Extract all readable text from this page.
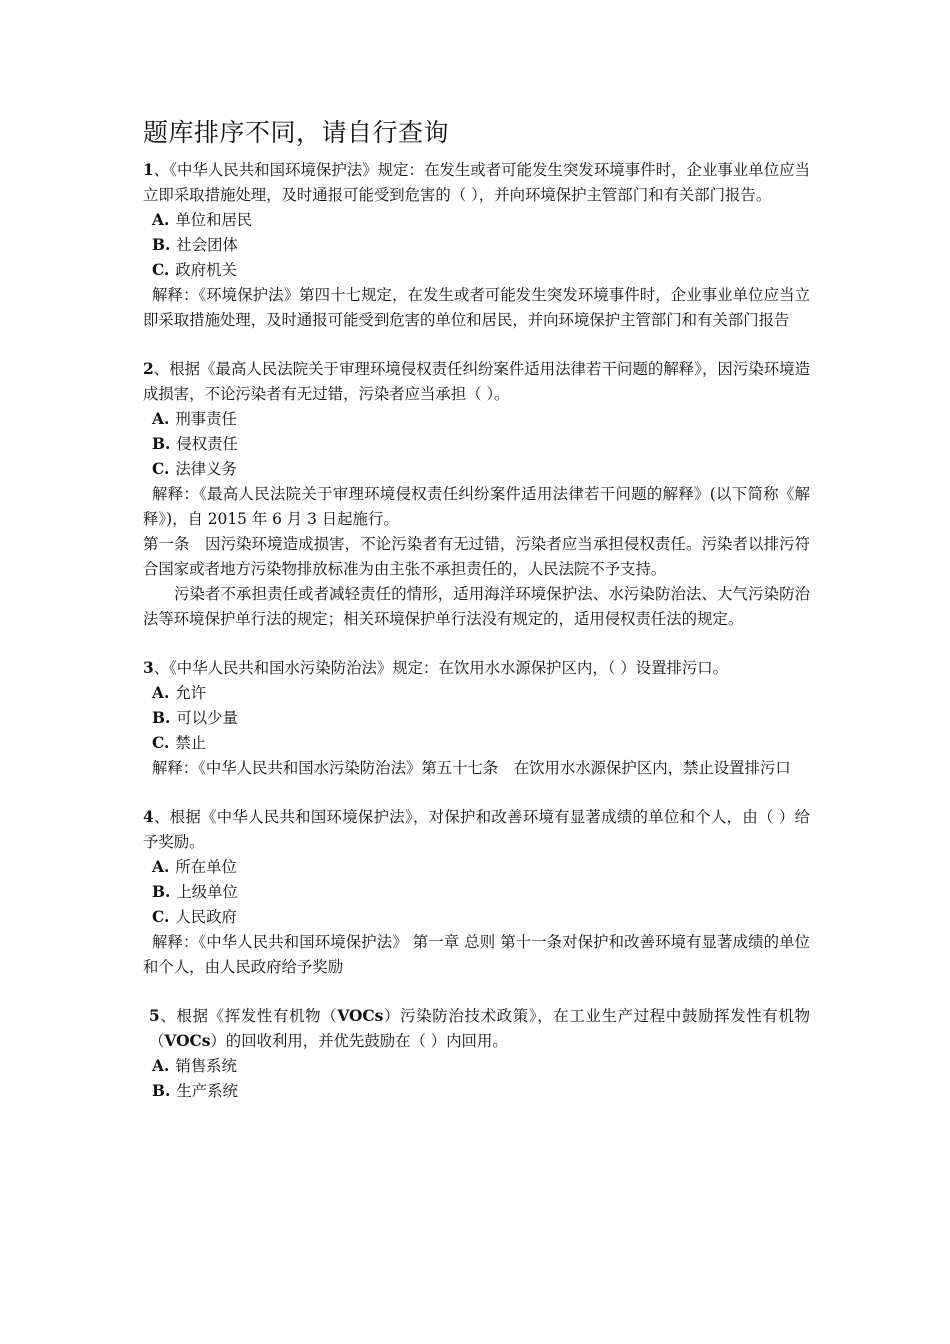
题库排序不同，请自行查询
1、《中华人民共和国环境保护法》规定：在发生或者可能发生突发环境事件时，企业事业单位应当立即采取措施处理，及时通报可能受到危害的（ ），并向环境保护主管部门和有关部门报告。
A. 单位和居民
B. 社会团体
C. 政府机关
解释：《环境保护法》第四十七规定，在发生或者可能发生突发环境事件时，企业事业单位应当立即采取措施处理，及时通报可能受到危害的单位和居民，并向环境保护主管部门和有关部门报告
2、根据《最高人民法院关于审理环境侵权责任纠纷案件适用法律若干问题的解释》，因污染环境造成损害，不论污染者有无过错，污染者应当承担（ ）。
A. 刑事责任
B. 侵权责任
C. 法律义务
解释：《最高人民法院关于审理环境侵权责任纠纷案件适用法律若干问题的解释》(以下简称《解释》)，自 2015 年 6 月 3 日起施行。
第一条　因污染环境造成损害，不论污染者有无过错，污染者应当承担侵权责任。污染者以排污符合国家或者地方污染物排放标准为由主张不承担责任的，人民法院不予支持。
污染者不承担责任或者减轻责任的情形，适用海洋环境保护法、水污染防治法、大气污染防治法等环境保护单行法的规定；相关环境保护单行法没有规定的，适用侵权责任法的规定。
3、《中华人民共和国水污染防治法》规定：在饮用水水源保护区内，（ ）设置排污口。
A. 允许
B. 可以少量
C. 禁止
解释：《中华人民共和国水污染防治法》第五十七条　在饮用水水源保护区内，禁止设置排污口
4、根据《中华人民共和国环境保护法》，对保护和改善环境有显著成绩的单位和个人，由（ ）给予奖励。
A. 所在单位
B. 上级单位
C. 人民政府
解释：《中华人民共和国环境保护法》 第一章 总则 第十一条对保护和改善环境有显著成绩的单位和个人，由人民政府给予奖励
5、根据《挥发性有机物（VOCs）污染防治技术政策》，在工业生产过程中鼓励挥发性有机物（VOCs）的回收利用，并优先鼓励在（ ）内回用。
A. 销售系统
B. 生产系统
